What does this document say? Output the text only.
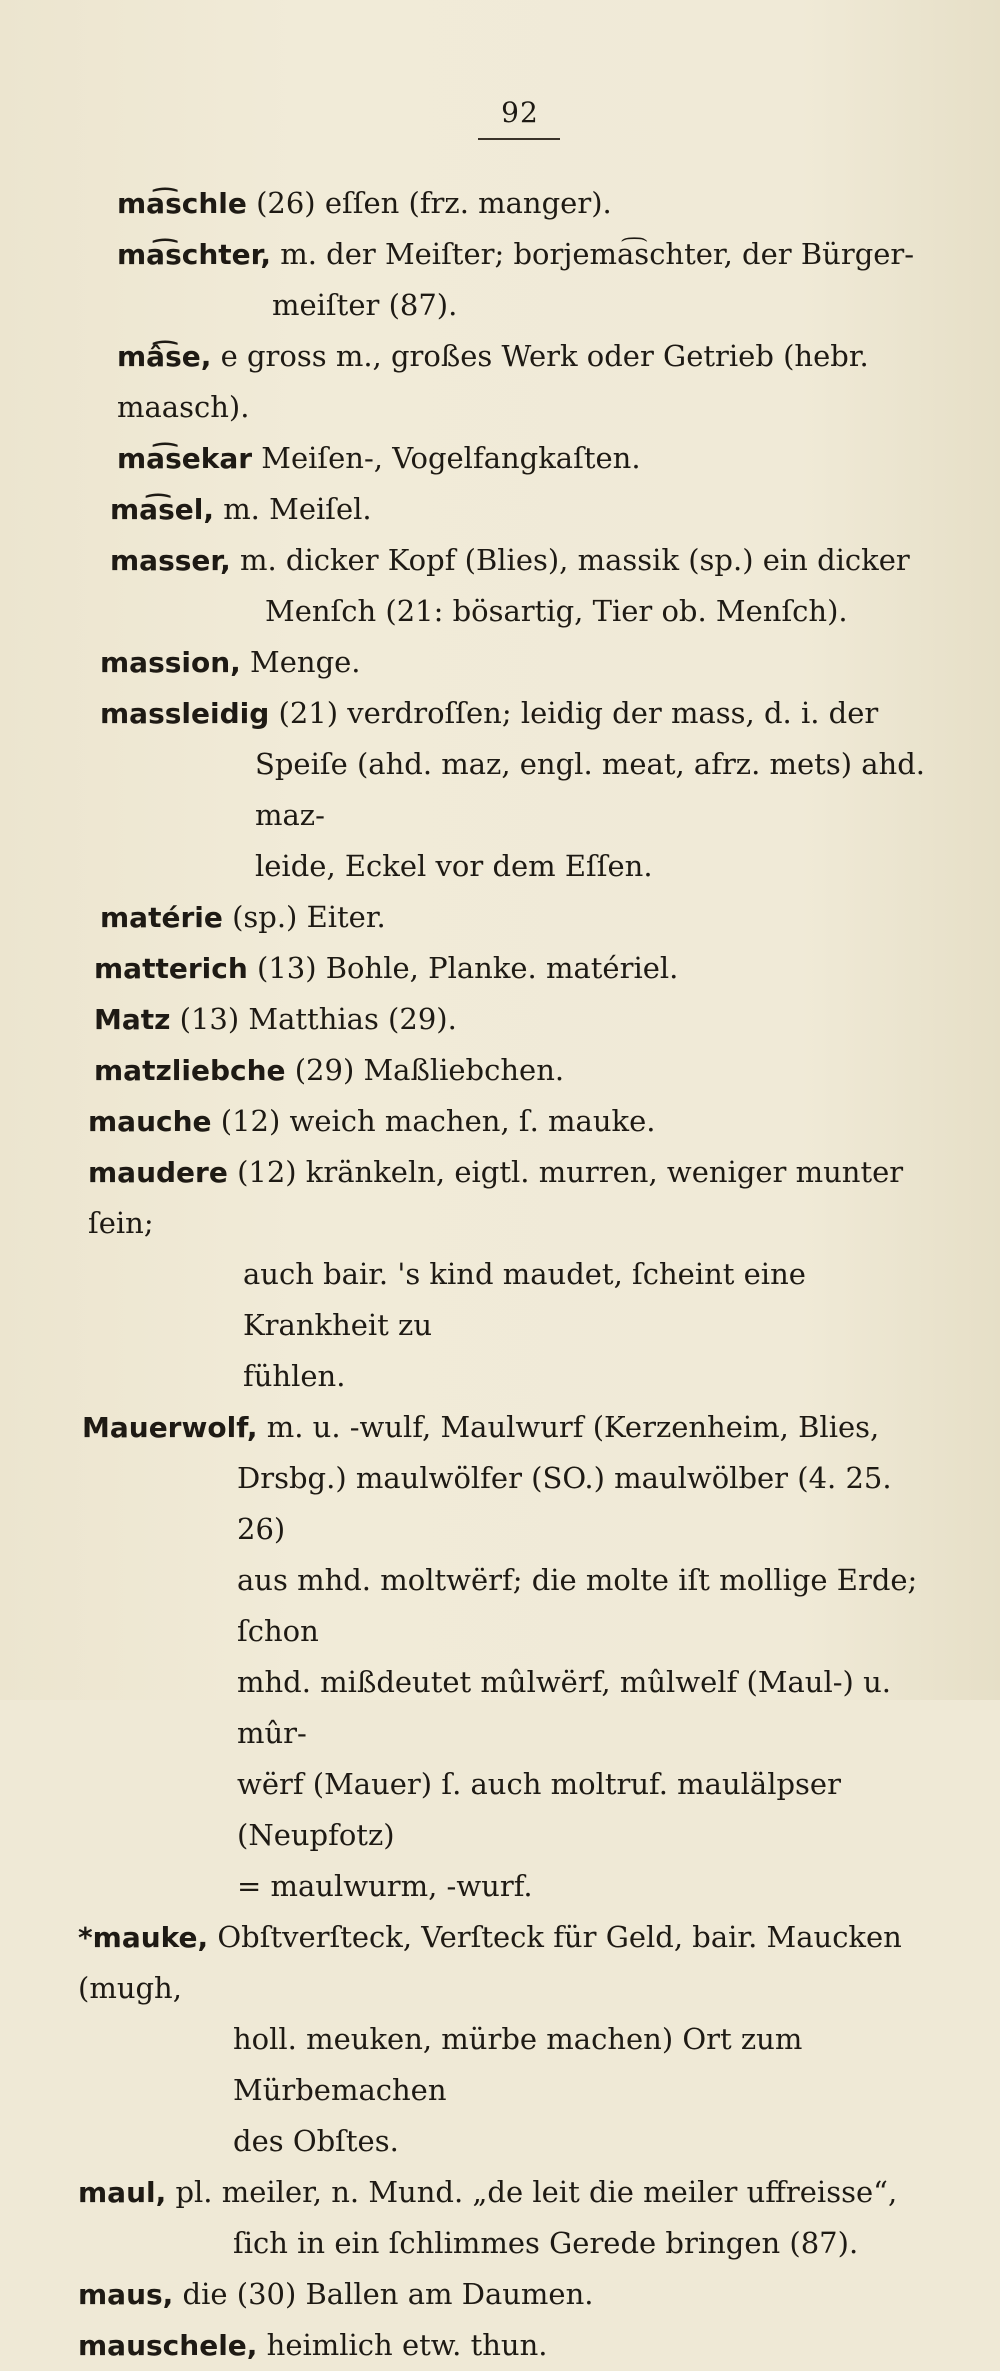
92
ma͡schle (26) eſſen (frz. manger).
ma͡schter, m. der Meiſter; borjema͡schter, der Bürger-
meiſter (87).
mâ͡se, e gross m., großes Werk oder Getrieb (hebr. maasch).
ma͡sekar Meiſen-, Vogelfangkaſten.
ma͡sel, m. Meiſel.
masser, m. dicker Kopf (Blies), massik (sp.) ein dicker
Menſch (21: bösartig, Tier ob. Menſch).
massion, Menge.
massleidig (21) verdroſſen; leidig der mass, d. i. der
Speiſe (ahd. maz, engl. meat, afrz. mets) ahd. maz-
leide, Eckel vor dem Eſſen.
matérie (sp.) Eiter.
matterich (13) Bohle, Planke. matériel.
Matz (13) Matthias (29).
matzliebche (29) Maßliebchen.
mauche (12) weich machen, ſ. mauke.
maudere (12) kränkeln, eigtl. murren, weniger munter ſein;
auch bair. 's kind maudet, ſcheint eine Krankheit zu
fühlen.
Mauerwolf, m. u. -wulf, Maulwurf (Kerzenheim, Blies,
Drsbg.) maulwölfer (SO.) maulwölber (4. 25. 26)
aus mhd. moltwërf; die molte iſt mollige Erde; ſchon
mhd. mißdeutet mûlwërf, mûlwelf (Maul-) u. mûr-
wërf (Mauer) ſ. auch moltruf. maulälpser (Neupfotz)
= maulwurm, -wurf.
*mauke, Obſtverſteck, Verſteck für Geld, bair. Maucken (mugh,
holl. meuken, mürbe machen) Ort zum Mürbemachen
des Obſtes.
maul, pl. meiler, n. Mund. „de leit die meiler uffreisse“,
ſich in ein ſchlimmes Gerede bringen (87).
maus, die (30) Ballen am Daumen.
mauschele, heimlich etw. thun.
